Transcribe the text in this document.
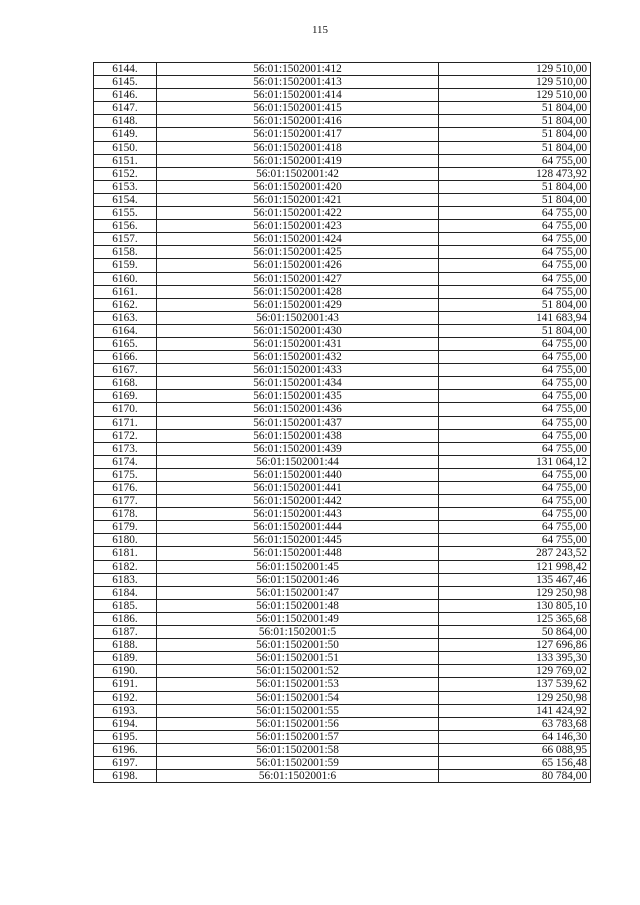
115
6144.	56:01:1502001:412	129 510,00
6145.	56:01:1502001:413	129 510,00
6146.	56:01:1502001:414	129 510,00
6147.	56:01:1502001:415	51 804,00
6148.	56:01:1502001:416	51 804,00
6149.	56:01:1502001:417	51 804,00
6150.	56:01:1502001:418	51 804,00
6151.	56:01:1502001:419	64 755,00
6152.	56:01:1502001:42	128 473,92
6153.	56:01:1502001:420	51 804,00
6154.	56:01:1502001:421	51 804,00
6155.	56:01:1502001:422	64 755,00
6156.	56:01:1502001:423	64 755,00
6157.	56:01:1502001:424	64 755,00
6158.	56:01:1502001:425	64 755,00
6159.	56:01:1502001:426	64 755,00
6160.	56:01:1502001:427	64 755,00
6161.	56:01:1502001:428	64 755,00
6162.	56:01:1502001:429	51 804,00
6163.	56:01:1502001:43	141 683,94
6164.	56:01:1502001:430	51 804,00
6165.	56:01:1502001:431	64 755,00
6166.	56:01:1502001:432	64 755,00
6167.	56:01:1502001:433	64 755,00
6168.	56:01:1502001:434	64 755,00
6169.	56:01:1502001:435	64 755,00
6170.	56:01:1502001:436	64 755,00
6171.	56:01:1502001:437	64 755,00
6172.	56:01:1502001:438	64 755,00
6173.	56:01:1502001:439	64 755,00
6174.	56:01:1502001:44	131 064,12
6175.	56:01:1502001:440	64 755,00
6176.	56:01:1502001:441	64 755,00
6177.	56:01:1502001:442	64 755,00
6178.	56:01:1502001:443	64 755,00
6179.	56:01:1502001:444	64 755,00
6180.	56:01:1502001:445	64 755,00
6181.	56:01:1502001:448	287 243,52
6182.	56:01:1502001:45	121 998,42
6183.	56:01:1502001:46	135 467,46
6184.	56:01:1502001:47	129 250,98
6185.	56:01:1502001:48	130 805,10
6186.	56:01:1502001:49	125 365,68
6187.	56:01:1502001:5	50 864,00
6188.	56:01:1502001:50	127 696,86
6189.	56:01:1502001:51	133 395,30
6190.	56:01:1502001:52	129 769,02
6191.	56:01:1502001:53	137 539,62
6192.	56:01:1502001:54	129 250,98
6193.	56:01:1502001:55	141 424,92
6194.	56:01:1502001:56	63 783,68
6195.	56:01:1502001:57	64 146,30
6196.	56:01:1502001:58	66 088,95
6197.	56:01:1502001:59	65 156,48
6198.	56:01:1502001:6	80 784,00
